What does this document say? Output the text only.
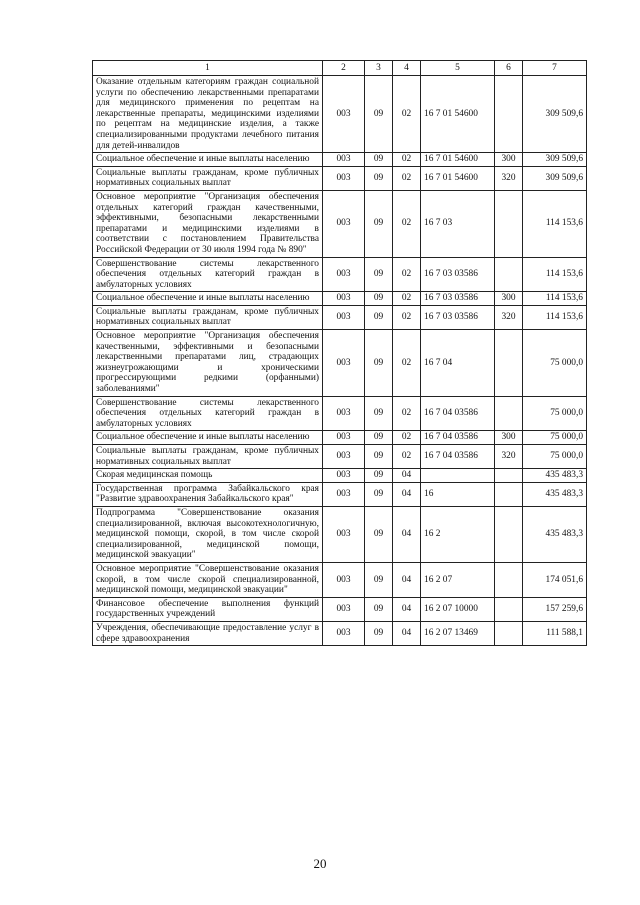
1	2	3	4	5	6	7
Оказание отдельным категориям граждан социальной услуги по обеспечению лекарственными препаратами для медицинского применения по рецептам на лекарственные препараты, медицинскими изделиями по рецептам на медицинские изделия, а также специализированными продуктами лечебного питания для детей-инвалидов	003	09	02	16 7 01 54600		309 509,6
Социальное обеспечение и иные выплаты населению	003	09	02	16 7 01 54600	300	309 509,6
Социальные выплаты гражданам, кроме публичных нормативных социальных выплат	003	09	02	16 7 01 54600	320	309 509,6
Основное мероприятие "Организация обеспечения отдельных категорий граждан качественными, эффективными, безопасными лекарственными препаратами и медицинскими изделиями в соответствии с постановлением Правительства Российской Федерации от 30 июля 1994 года № 890"	003	09	02	16 7 03		114 153,6
Совершенствование системы лекарственного обеспечения отдельных категорий граждан в амбулаторных условиях	003	09	02	16 7 03 03586		114 153,6
Социальное обеспечение и иные выплаты населению	003	09	02	16 7 03 03586	300	114 153,6
Социальные выплаты гражданам, кроме публичных нормативных социальных выплат	003	09	02	16 7 03 03586	320	114 153,6
Основное мероприятие "Организация обеспечения качественными, эффективными и безопасными лекарственными препаратами лиц, страдающих жизнеугрожающими и хроническими прогрессирующими редкими (орфанными) заболеваниями"	003	09	02	16 7 04		75 000,0
Совершенствование системы лекарственного обеспечения отдельных категорий граждан в амбулаторных условиях	003	09	02	16 7 04 03586		75 000,0
Социальное обеспечение и иные выплаты населению	003	09	02	16 7 04 03586	300	75 000,0
Социальные выплаты гражданам, кроме публичных нормативных социальных выплат	003	09	02	16 7 04 03586	320	75 000,0
Скорая медицинская помощь	003	09	04			435 483,3
Государственная программа Забайкальского края "Развитие здравоохранения Забайкальского края"	003	09	04	16		435 483,3
Подпрограмма "Совершенствование оказания специализированной, включая высокотехнологичную, медицинской помощи, скорой, в том числе скорой специализированной, медицинской помощи, медицинской эвакуации"	003	09	04	16 2		435 483,3
Основное мероприятие "Совершенствование оказания скорой, в том числе скорой специализированной, медицинской помощи, медицинской эвакуации"	003	09	04	16 2 07		174 051,6
Финансовое обеспечение выполнения функций государственных учреждений	003	09	04	16 2 07 10000		157 259,6
Учреждения, обеспечивающие предоставление услуг в сфере здравоохранения	003	09	04	16 2 07 13469		111 588,1
20
